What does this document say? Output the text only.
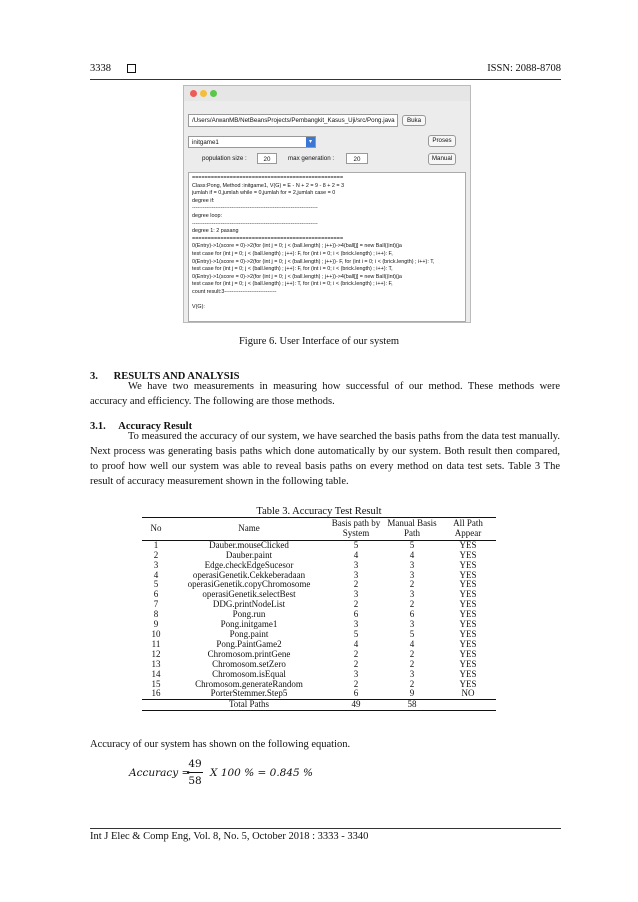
3338	ISSN: 2088-8708
/Users/ArwanMB/NetBeansProjects/Pembangkit_Kasus_Uji/src/Pong.java	Buka
initgame1	▾	Proses
population size :	20	max generation :	20	Manual
================================================
Class:Pong, Method :initgame1, V(G) = E - N + 2 = 9 - 8 + 2 = 3
jumlah if = 0,jumlah while = 0,jumlah for = 2,jumlah case = 0
degree if:
----------------------------------------------------------------------
degree loop:
----------------------------------------------------------------------
degree 1: 2 pasang
================================================
0(Entry)->1(score = 0)->2(for (int j = 0; j < (ball.length) ; j++))->4(ball[j] = new Ball((int)(ja
test case for (int j = 0; j < (ball.length) ; j++): F, for (int i = 0; i < (brick.length) ; i++): F,
0(Entry)->1(score = 0)->2(for (int j = 0; j < (ball.length) ; j++))- F, for (int i = 0; i < (brick.length) ; i++): T,
test case for (int j = 0; j < (ball.length) ; j++): F, for (int i = 0; i < (brick.length) ; i++): T,
0(Entry)->1(score = 0)->2(for (int j = 0; j < (ball.length) ; j++))->4(ball[j] = new Ball((int)(ja
test case for (int j = 0; j < (ball.length) ; j++): T, for (int i = 0; i < (brick.length) ; i++): F,
count result:3-----------------------------
V(G):
Figure 6. User Interface of our system
3.      RESULTS AND ANALYSIS
We have two measurements in measuring how successful of our method. These methods were accuracy and efficiency. The following are those methods.
3.1.     Accuracy Result
To measured the accuracy of our system, we have searched the basis paths from the data test manually. Next process was generating basis paths which done automatically by our system. Both result then compared, to proof how well our system was able to reveal basis paths on every method on data test sets. Table 3 The result of accuracy measurement shown in the following table.
Table 3. Accuracy Test Result
No	Name	Basis path by System	Manual Basis Path	All Path Appear
1	Dauber.mouseClicked	5	5	YES
2	Dauber.paint	4	4	YES
3	Edge.checkEdgeSucesor	3	3	YES
4	operasiGenetik.Cekkeberadaan	3	3	YES
5	operasiGenetik.copyChromosome	2	2	YES
6	operasiGenetik.selectBest	3	3	YES
7	DDG.printNodeList	2	2	YES
8	Pong.run	6	6	YES
9	Pong.initgame1	3	3	YES
10	Pong.paint	5	5	YES
11	Pong.PaintGame2	4	4	YES
12	Chromosom.printGene	2	2	YES
13	Chromosom.setZero	2	2	YES
14	Chromosom.isEqual	3	3	YES
15	Chromosom.generateRandom	2	2	YES
16	PorterStemmer.Step5	6	9	NO
	Total Paths	49	58	
Accuracy of our system has shown on the following equation.
Accuracy =
49
58
X 100 % = 0.845 %
Int J Elec & Comp Eng, Vol. 8, No. 5, October 2018 : 3333 - 3340
